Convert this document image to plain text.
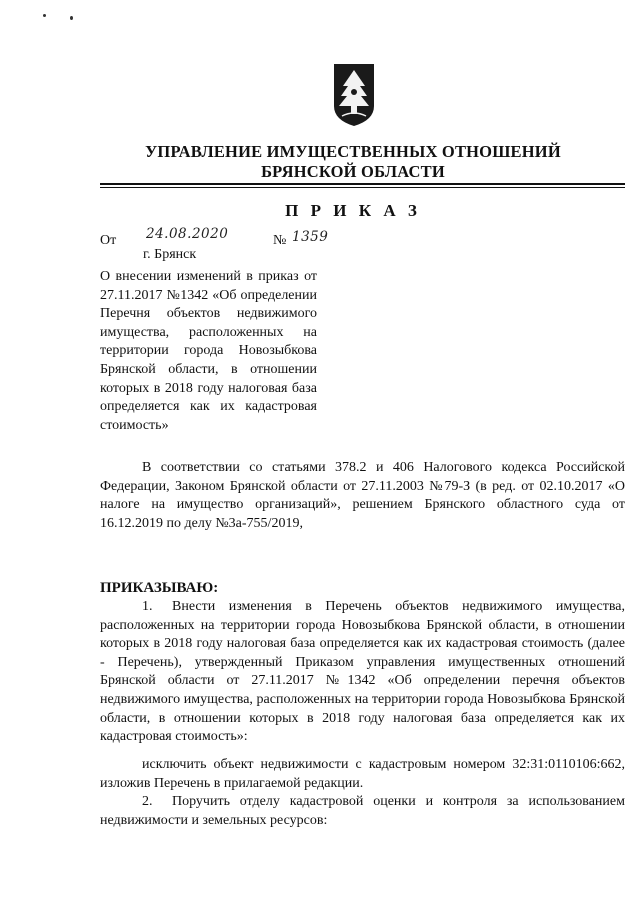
УПРАВЛЕНИЕ ИМУЩЕСТВЕННЫХ ОТНОШЕНИЙ
БРЯНСКОЙ ОБЛАСТИ
П Р И К А З
От 24.08.2020	№ 1359
г. Брянск
О внесении изменений в приказ от 27.11.2017 №1342 «Об определении Перечня объектов недвижимого имущества, расположенных на территории города Новозыбкова Брянской области, в отношении которых в 2018 году налоговая база определяется как их кадастровая стоимость»
В соответствии со статьями 378.2 и 406 Налогового кодекса Российской Федерации, Законом Брянской области от 27.11.2003 №79-З (в ред. от 02.10.2017 «О налоге на имущество организаций», решением Брянского областного суда от 16.12.2019 по делу №3а-755/2019,
ПРИКАЗЫВАЮ:
1. Внести изменения в Перечень объектов недвижимого имущества, расположенных на территории города Новозыбкова Брянской области, в отношении которых в 2018 году налоговая база определяется как их кадастровая стоимость (далее - Перечень), утвержденный Приказом управления имущественных отношений Брянской области от 27.11.2017 №1342 «Об определении перечня объектов недвижимого имущества, расположенных на территории города Новозыбкова Брянской области, в отношении которых в 2018 году налоговая база определяется как их кадастровая стоимость»:
исключить объект недвижимости с кадастровым номером 32:31:0110106:662, изложив Перечень в прилагаемой редакции.
2. Поручить отделу кадастровой оценки и контроля за использованием недвижимости и земельных ресурсов:
